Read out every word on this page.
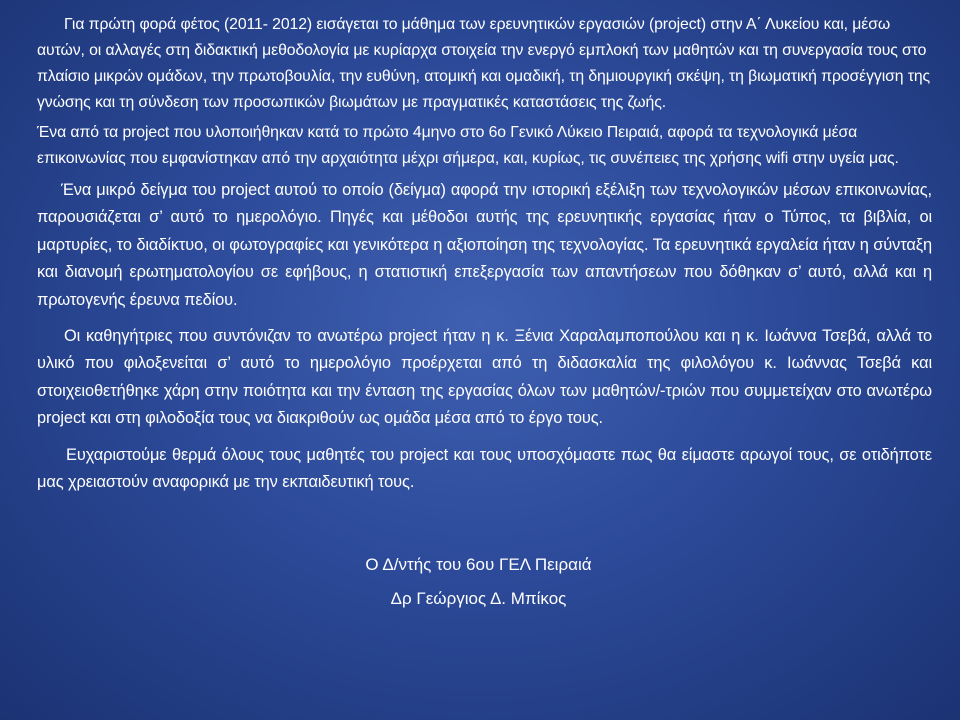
Για πρώτη φορά φέτος (2011- 2012) εισάγεται το μάθημα των ερευνητικών εργασιών (project) στην Α΄ Λυκείου και, μέσω αυτών, οι αλλαγές στη διδακτική μεθοδολογία με κυρίαρχα στοιχεία την ενεργό εμπλοκή των μαθητών και τη συνεργασία τους στο πλαίσιο μικρών ομάδων, την πρωτοβουλία, την ευθύνη, ατομική και ομαδική, τη δημιουργική σκέψη, τη βιωματική προσέγγιση της γνώσης και τη σύνδεση των προσωπικών βιωμάτων με πραγματικές καταστάσεις της ζωής.

Ένα από τα project που υλοποιήθηκαν κατά το πρώτο 4μηνο στο 6ο Γενικό Λύκειο Πειραιά, αφορά τα τεχνολογικά μέσα επικοινωνίας που εμφανίστηκαν από την αρχαιότητα μέχρι σήμερα, και, κυρίως, τις συνέπειες της χρήσης wifi στην υγεία μας.

Ένα μικρό δείγμα του project αυτού το οποίο (δείγμα) αφορά την ιστορική εξέλιξη των τεχνολογικών μέσων επικοινωνίας, παρουσιάζεται σ’ αυτό το ημερολόγιο. Πηγές και μέθοδοι αυτής της ερευνητικής εργασίας ήταν ο Τύπος, τα βιβλία, οι μαρτυρίες, το διαδίκτυο, οι φωτογραφίες και γενικότερα η αξιοποίηση της τεχνολογίας. Τα ερευνητικά εργαλεία ήταν η σύνταξη και διανομή ερωτηματολογίου σε εφήβους, η στατιστική επεξεργασία των απαντήσεων που δόθηκαν σ’ αυτό, αλλά και η πρωτογενής έρευνα πεδίου.

Οι καθηγήτριες που συντόνιζαν το ανωτέρω project ήταν η κ. Ξένια Χαραλαμποπούλου και η κ. Ιωάννα Τσεβά, αλλά το υλικό που φιλοξενείται σ’ αυτό το ημερολόγιο προέρχεται από τη διδασκαλία της φιλολόγου κ. Ιωάννας Τσεβά και στοιχειοθετήθηκε χάρη στην ποιότητα και την ένταση της εργασίας όλων των μαθητών/-τριών που συμμετείχαν στο ανωτέρω project και στη φιλοδοξία τους να διακριθούν ως ομάδα μέσα από το έργο τους.

Ευχαριστούμε θερμά όλους τους μαθητές του project και τους υποσχόμαστε πως θα είμαστε αρωγοί τους, σε οτιδήποτε μας χρειαστούν αναφορικά με την εκπαιδευτική τους.

Ο Δ/ντής του 6ου ΓΕΛ Πειραιά
Δρ Γεώργιος Δ. Μπίκος
